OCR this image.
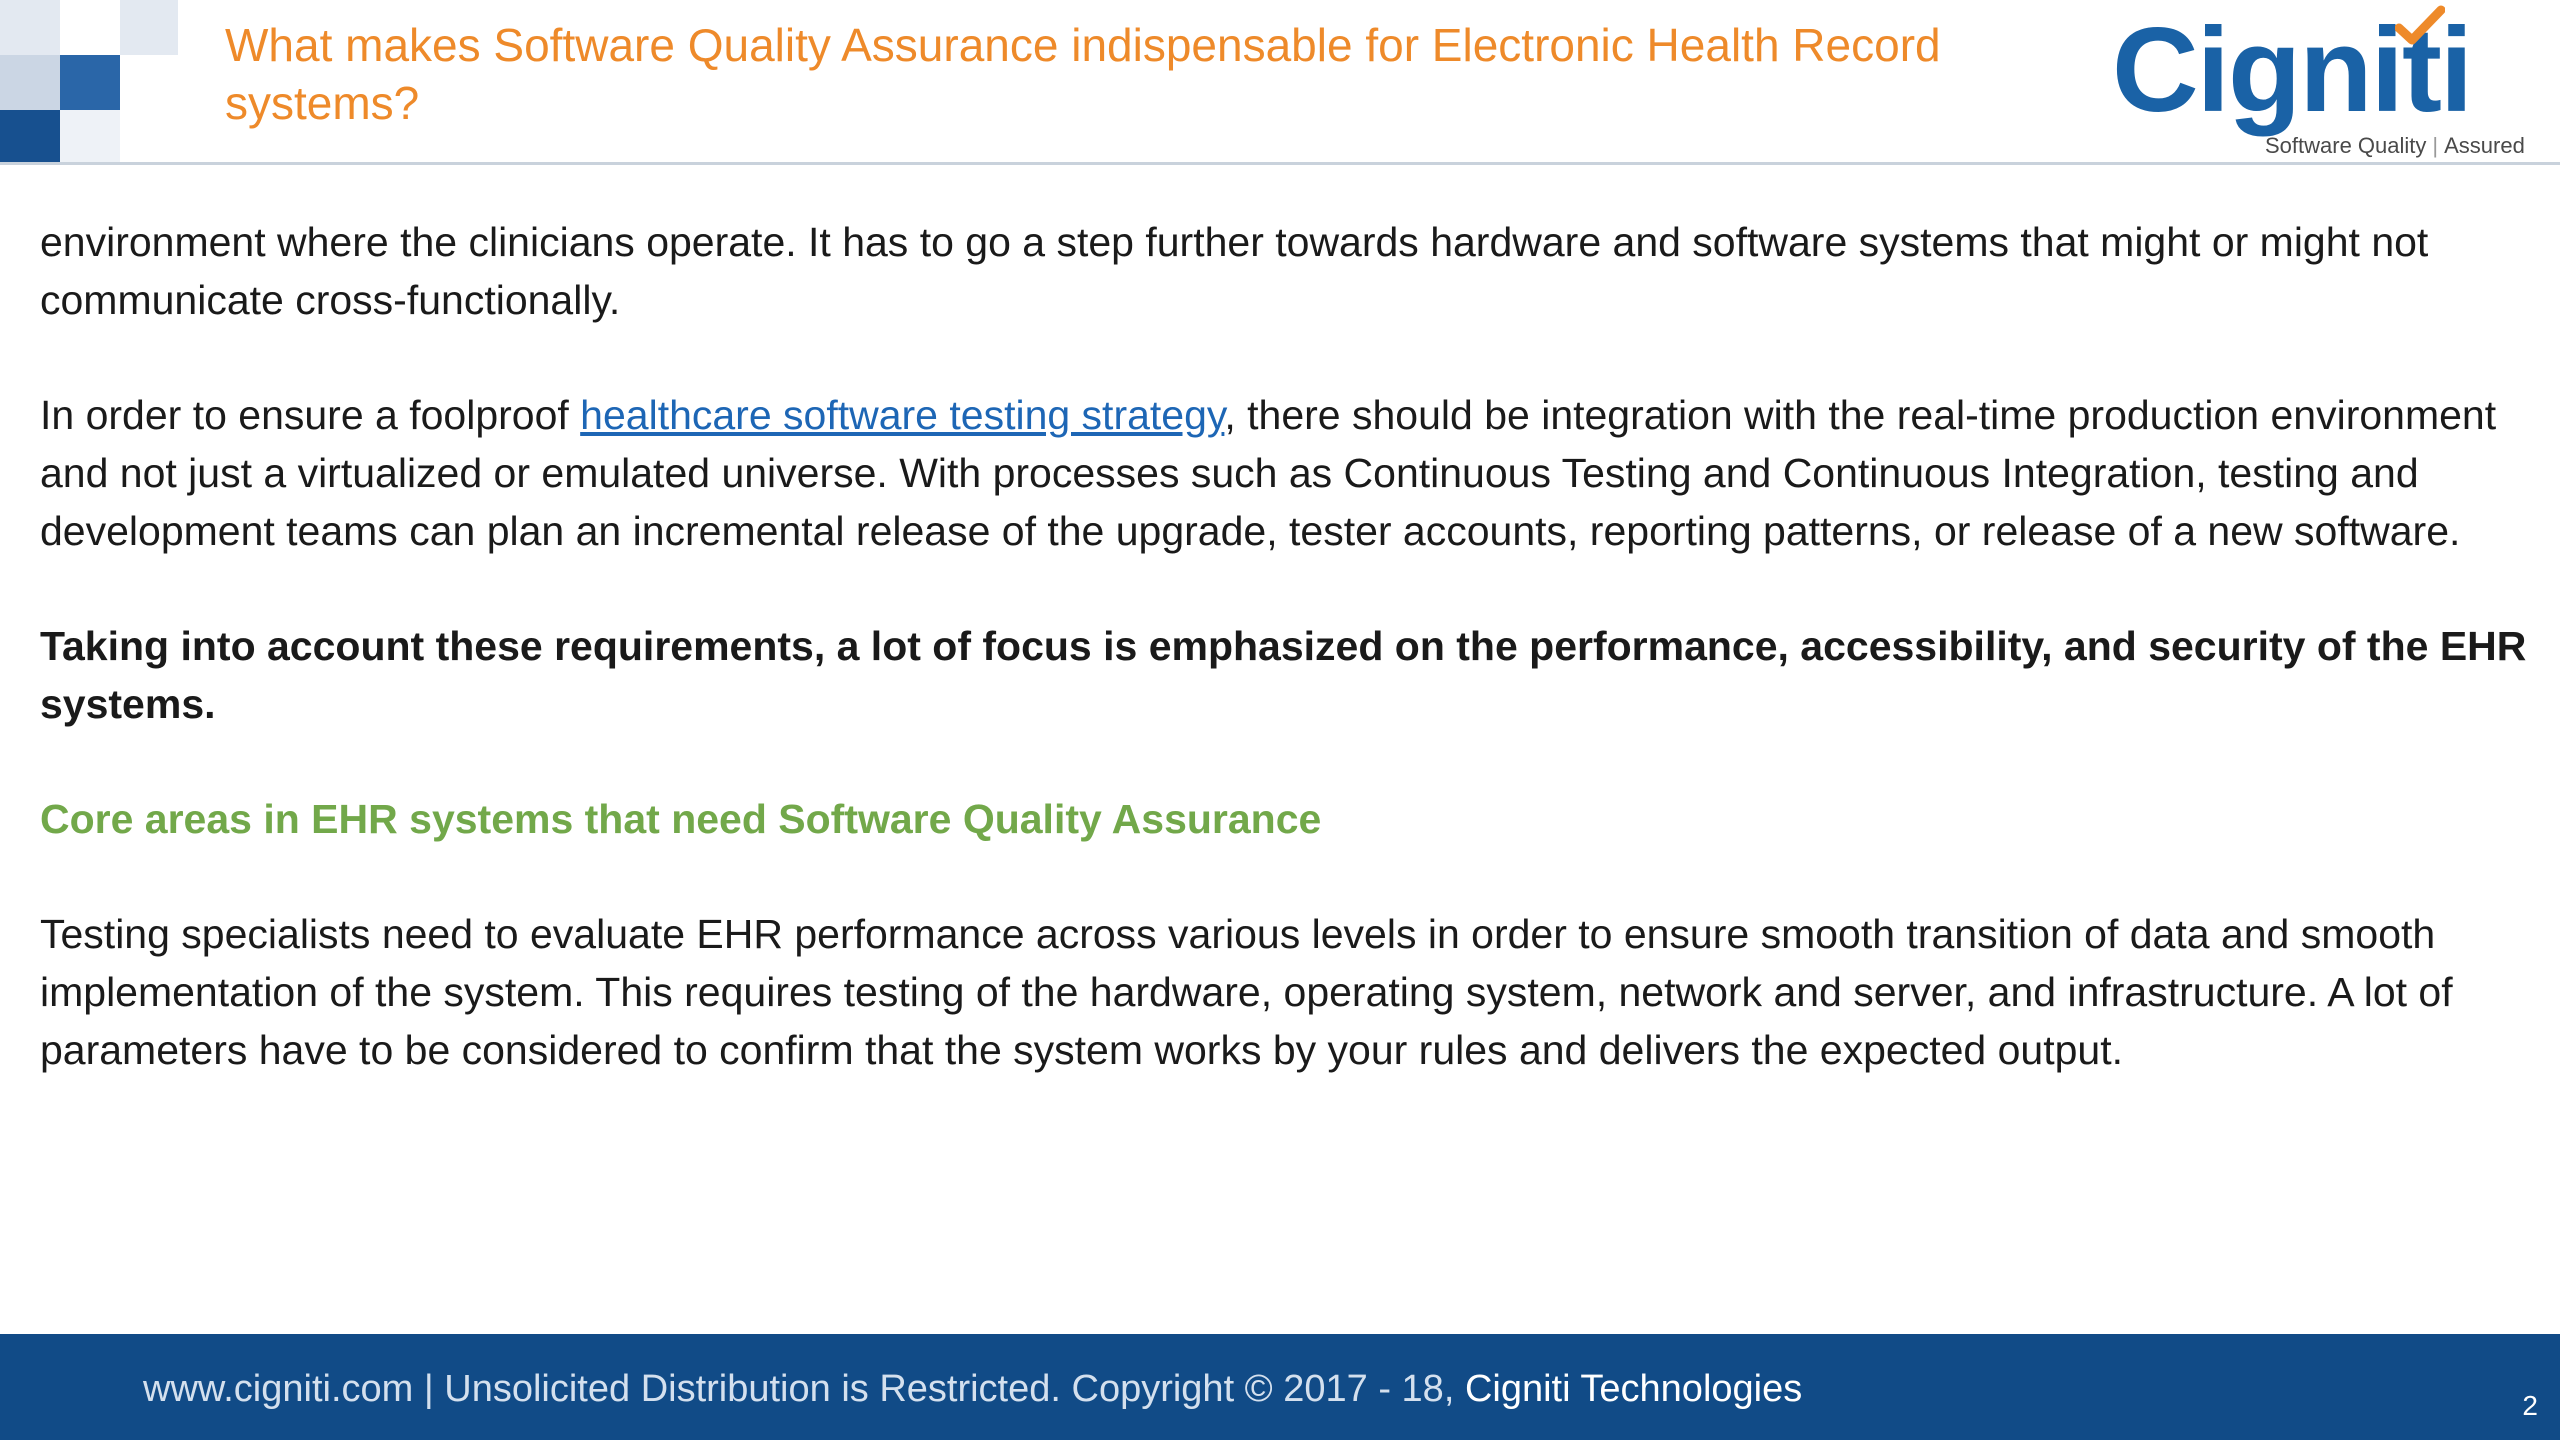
What makes Software Quality Assurance indispensable for Electronic Health Record systems?	Cigniti
Software Quality | Assured

environment where the clinicians operate. It has to go a step further towards hardware and software systems that might or might not communicate cross-functionally.

In order to ensure a foolproof healthcare software testing strategy, there should be integration with the real-time production environment and not just a virtualized or emulated universe. With processes such as Continuous Testing and Continuous Integration, testing and development teams can plan an incremental release of the upgrade, tester accounts, reporting patterns, or release of a new software.

Taking into account these requirements, a lot of focus is emphasized on the performance, accessibility, and security of the EHR systems.

Core areas in EHR systems that need Software Quality Assurance

Testing specialists need to evaluate EHR performance across various levels in order to ensure smooth transition of data and smooth implementation of the system. This requires testing of the hardware, operating system, network and server, and infrastructure. A lot of parameters have to be considered to confirm that the system works by your rules and delivers the expected output.

www.cigniti.com | Unsolicited Distribution is Restricted. Copyright © 2017 - 18, Cigniti Technologies	2
